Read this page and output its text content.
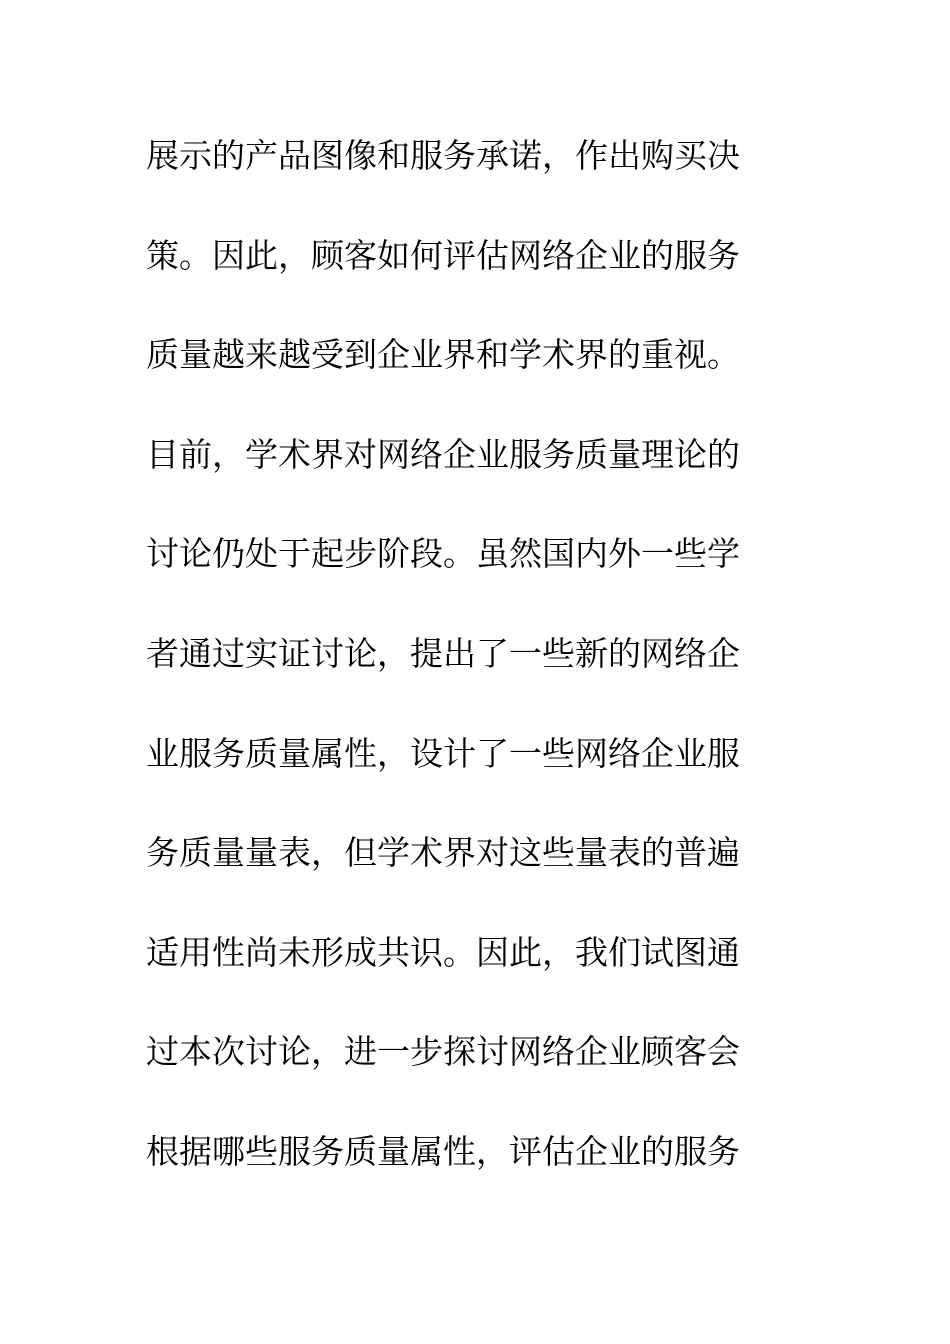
展示的产品图像和服务承诺，作出购买决
策。因此，顾客如何评估网络企业的服务
质量越来越受到企业界和学术界的重视。
目前，学术界对网络企业服务质量理论的
讨论仍处于起步阶段。虽然国内外一些学
者通过实证讨论，提出了一些新的网络企
业服务质量属性，设计了一些网络企业服
务质量量表，但学术界对这些量表的普遍
适用性尚未形成共识。因此，我们试图通
过本次讨论，进一步探讨网络企业顾客会
根据哪些服务质量属性，评估企业的服务
